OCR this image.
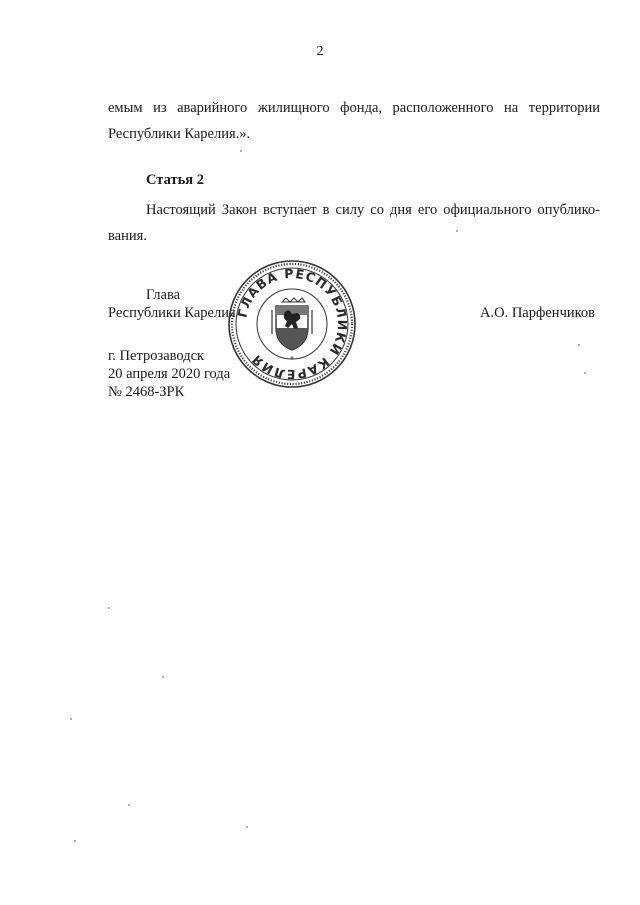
2

емым из аварийного жилищного фонда, расположенного на территории

Республики Карелия.».

Статья 2

Настоящий Закон вступает в силу со дня его официального опублико-

вания.

Глава
Республики Карелия
ГЛАВА РЕСПУБЛИКИ КАРЕЛИЯ	*
А.О. Парфенчиков
г. Петрозаводск
20 апреля 2020 года
№ 2468-ЗРК
